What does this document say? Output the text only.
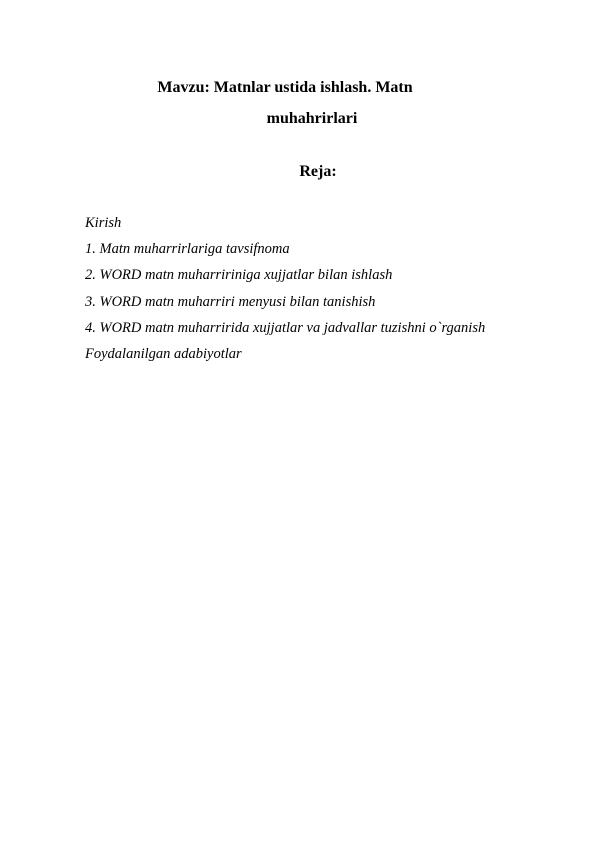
Mavzu: Matnlar ustida ishlash. Matn
muhahrirlari
Reja:
Kirish
1. Matn muharrirlariga tavsifnoma
2. WORD matn muharririniga xujjatlar bilan ishlash
3. WORD matn muharriri menyusi bilan tanishish
4. WORD matn muharririda xujjatlar va jadvallar tuzishni o`rganish
Foydalanilgan adabiyotlar
